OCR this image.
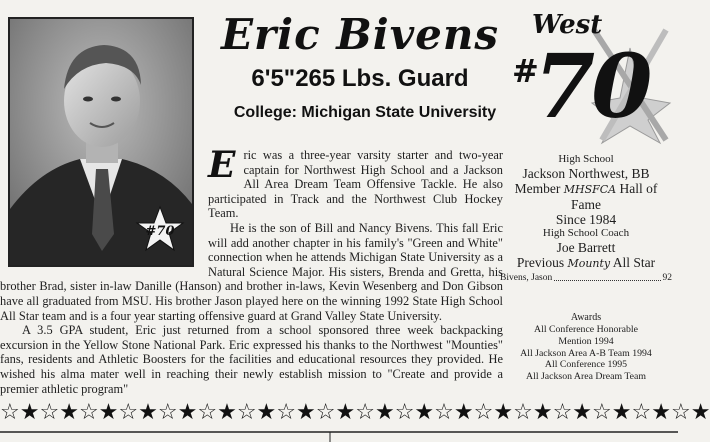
#70
Eric Bivens
6'5"265 Lbs. Guard
College: Michigan State University
West
#
70

Eric was a three-year varsity starter and two-year captain for Northwest High School and a Jackson All Area Dream Team Offensive Tackle. He also participated in Track and the Northwest Club Hockey Team.

He is the son of Bill and Nancy Bivens. This fall Eric will add another chapter in his family's "Green and White" connection when he attends Michigan State University as a Natural Science Major. His sisters, Brenda and Gretta, his brother Brad, sister in-law Danille (Hanson) and brother in-laws, Kevin Wesenberg and Don Gibson have all graduated from MSU. His brother Jason played here on the winning 1992 State High School All Star team and is a four year starting offensive guard at Grand Valley State University.

A 3.5 GPA student, Eric just returned from a school sponsored three week backpacking excursion in the Yellow Stone National Park. Eric expressed his thanks to the Northwest "Mounties" fans, residents and Athletic Boosters for the facilities and educational resources they provided. He wished his alma mater well in reaching their newly establish mission to "Create and provide a premier athletic program"

High School
Jackson Northwest, BB
Member MHSFCA Hall of Fame
Since 1984
High School Coach
Joe Barrett
Previous Mounty All Star
Bivens, Jason	92
Awards
All Conference Honorable
Mention 1994
All Jackson Area A-B Team 1994
All Conference 1995
All Jackson Area Dream Team
☆ ★ ☆ ★ ☆ ★ ☆ ★ ☆ ★ ☆ ★ ☆ ★ ☆ ★ ☆ ★ ☆ ★ ☆ ★ ☆ ★ ☆ ★ ☆ ★ ☆ ★ ☆ ★ ☆ ★ ☆ ★
